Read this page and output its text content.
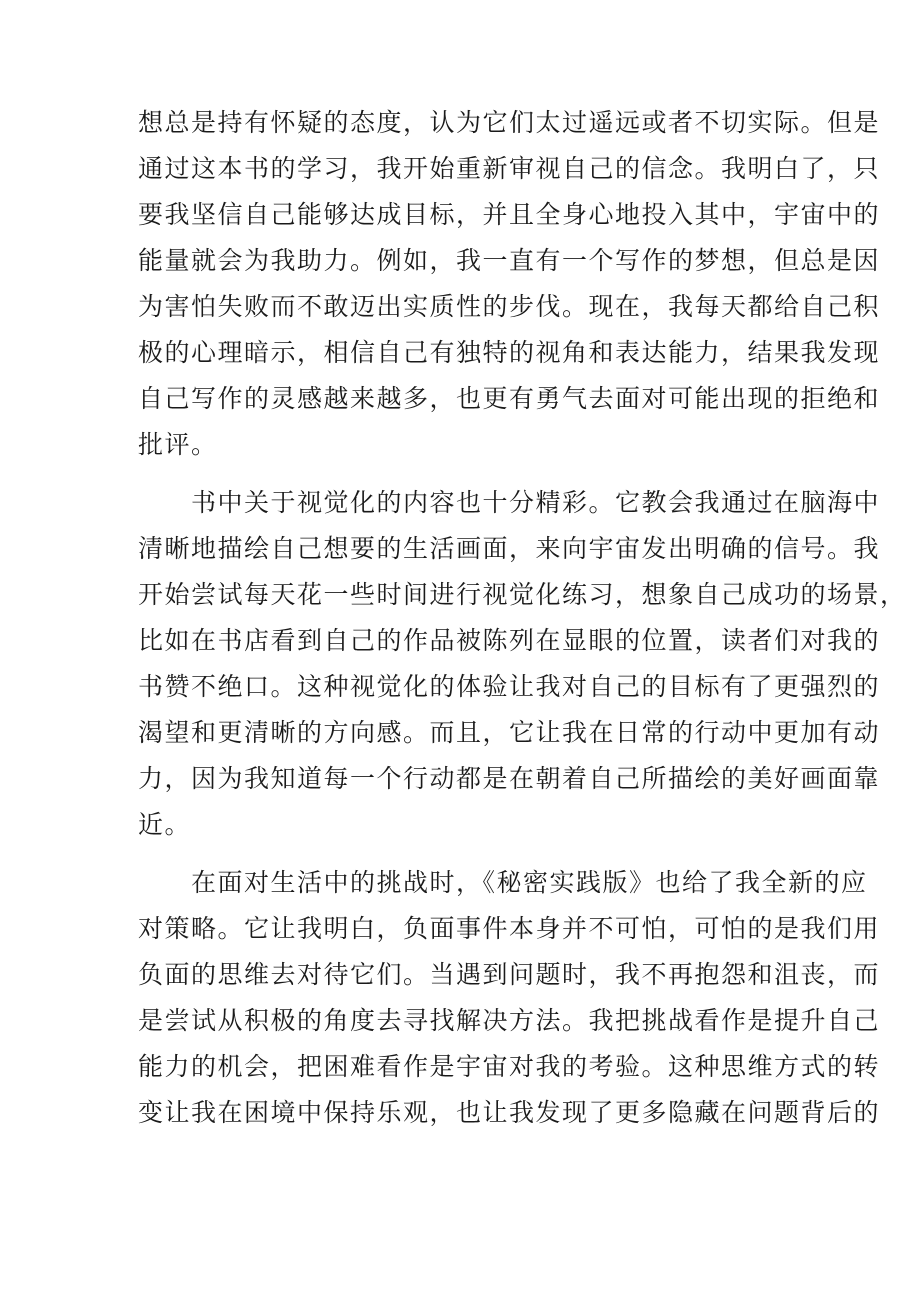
想总是持有怀疑的态度，认为它们太过遥远或者不切实际。但是
通过这本书的学习，我开始重新审视自己的信念。我明白了，只
要我坚信自己能够达成目标，并且全身心地投入其中，宇宙中的
能量就会为我助力。例如，我一直有一个写作的梦想，但总是因
为害怕失败而不敢迈出实质性的步伐。现在，我每天都给自己积
极的心理暗示，相信自己有独特的视角和表达能力，结果我发现
自己写作的灵感越来越多，也更有勇气去面对可能出现的拒绝和
批评。
　　书中关于视觉化的内容也十分精彩。它教会我通过在脑海中
清晰地描绘自己想要的生活画面，来向宇宙发出明确的信号。我
开始尝试每天花一些时间进行视觉化练习，想象自己成功的场景，
比如在书店看到自己的作品被陈列在显眼的位置，读者们对我的
书赞不绝口。这种视觉化的体验让我对自己的目标有了更强烈的
渴望和更清晰的方向感。而且，它让我在日常的行动中更加有动
力，因为我知道每一个行动都是在朝着自己所描绘的美好画面靠
近。
　　在面对生活中的挑战时，《秘密实践版》也给了我全新的应
对策略。它让我明白，负面事件本身并不可怕，可怕的是我们用
负面的思维去对待它们。当遇到问题时，我不再抱怨和沮丧，而
是尝试从积极的角度去寻找解决方法。我把挑战看作是提升自己
能力的机会，把困难看作是宇宙对我的考验。这种思维方式的转
变让我在困境中保持乐观，也让我发现了更多隐藏在问题背后的
